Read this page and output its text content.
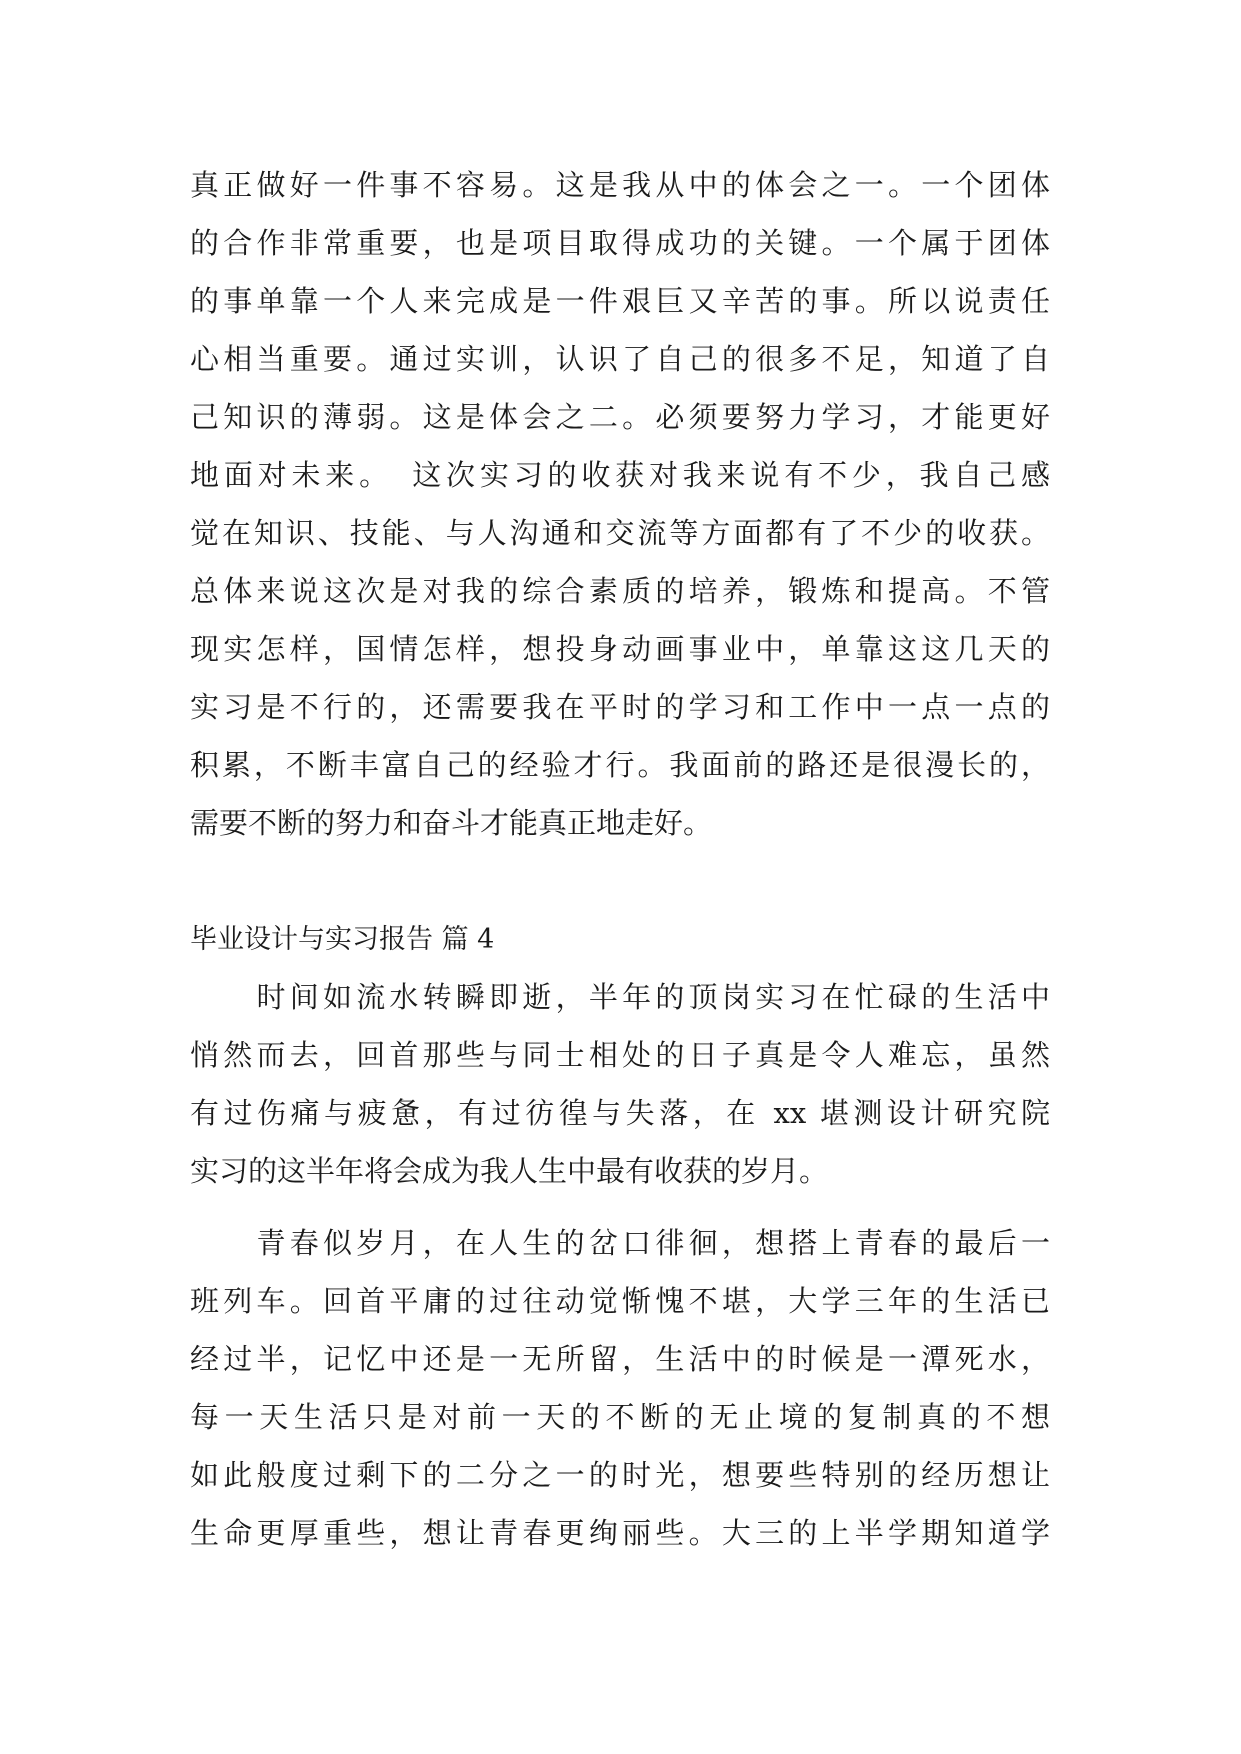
真正做好一件事不容易。这是我从中的体会之一。一个团体
的合作非常重要，也是项目取得成功的关键。一个属于团体
的事单靠一个人来完成是一件艰巨又辛苦的事。所以说责任
心相当重要。通过实训，认识了自己的很多不足，知道了自
己知识的薄弱。这是体会之二。必须要努力学习，才能更好
地面对未来。　这次实习的收获对我来说有不少，我自己感
觉在知识、技能、与人沟通和交流等方面都有了不少的收获。
总体来说这次是对我的综合素质的培养，锻炼和提高。不管
现实怎样，国情怎样，想投身动画事业中，单靠这这几天的
实习是不行的，还需要我在平时的学习和工作中一点一点的
积累，不断丰富自己的经验才行。我面前的路还是很漫长的，
需要不断的努力和奋斗才能真正地走好。
毕业设计与实习报告 篇 4
　　时间如流水转瞬即逝，半年的顶岗实习在忙碌的生活中
悄然而去，回首那些与同士相处的日子真是令人难忘，虽然
有过伤痛与疲惫，有过彷徨与失落，在 xx 堪测设计研究院
实习的这半年将会成为我人生中最有收获的岁月。
　　青春似岁月，在人生的岔口徘徊，想搭上青春的最后一
班列车。回首平庸的过往动觉惭愧不堪，大学三年的生活已
经过半，记忆中还是一无所留，生活中的时候是一潭死水，
每一天生活只是对前一天的不断的无止境的复制真的不想
如此般度过剩下的二分之一的时光，想要些特别的经历想让
生命更厚重些，想让青春更绚丽些。大三的上半学期知道学
